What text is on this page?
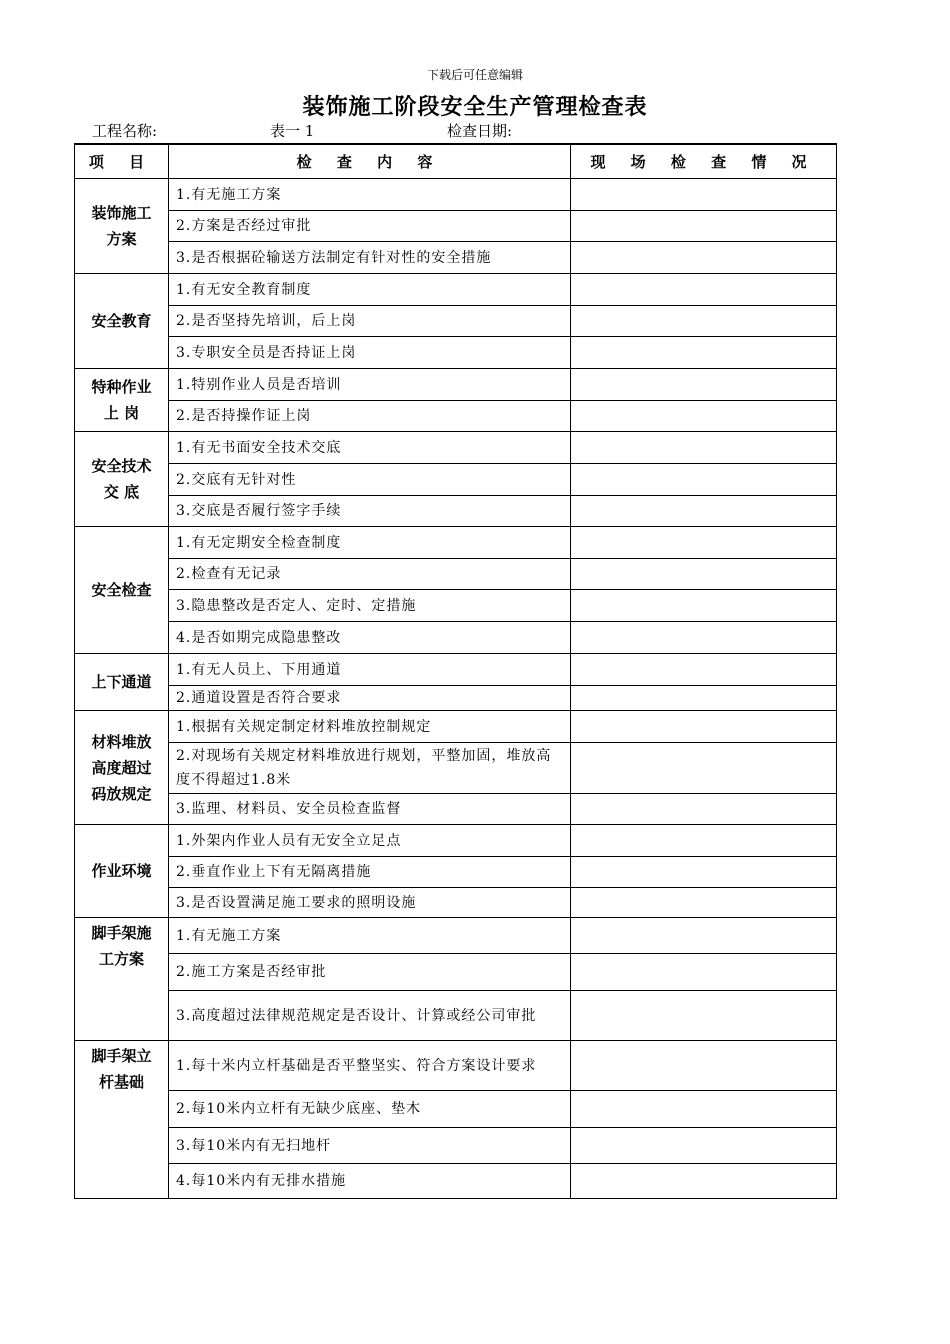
下载后可任意编辑
装饰施工阶段安全生产管理检查表
工程名称:	表一 1	检查日期:
项 目	检 查 内 容	现 场 检 查 情 况

装饰施工
方案	1.有无施工方案	
	2.方案是否经过审批	
	3.是否根据砼输送方法制定有针对性的安全措施	

安全教育	1.有无安全教育制度	
	2.是否坚持先培训，后上岗	
	3.专职安全员是否持证上岗	

特种作业
上 岗	1.特别作业人员是否培训	
	2.是否持操作证上岗	

安全技术
交 底	1.有无书面安全技术交底	
	2.交底有无针对性	
	3.交底是否履行签字手续	

安全检查	1.有无定期安全检查制度	
	2.检查有无记录	
	3.隐患整改是否定人、定时、定措施	
	4.是否如期完成隐患整改	

上下通道	1.有无人员上、下用通道	
	2.通道设置是否符合要求	

材料堆放
高度超过
码放规定	1.根据有关规定制定材料堆放控制规定	
	2.对现场有关规定材料堆放进行规划，平整加固，堆放高度不得超过1.8米	
	3.监理、材料员、安全员检查监督	

作业环境	1.外架内作业人员有无安全立足点	
	2.垂直作业上下有无隔离措施	
	3.是否设置满足施工要求的照明设施	

脚手架施
工方案	1.有无施工方案	
	2.施工方案是否经审批	
	3.高度超过法律规范规定是否设计、计算或经公司审批	

脚手架立
杆基础	1.每十米内立杆基础是否平整坚实、符合方案设计要求	
	2.每10米内立杆有无缺少底座、垫木	
	3.每10米内有无扫地杆	
	4.每10米内有无排水措施	
